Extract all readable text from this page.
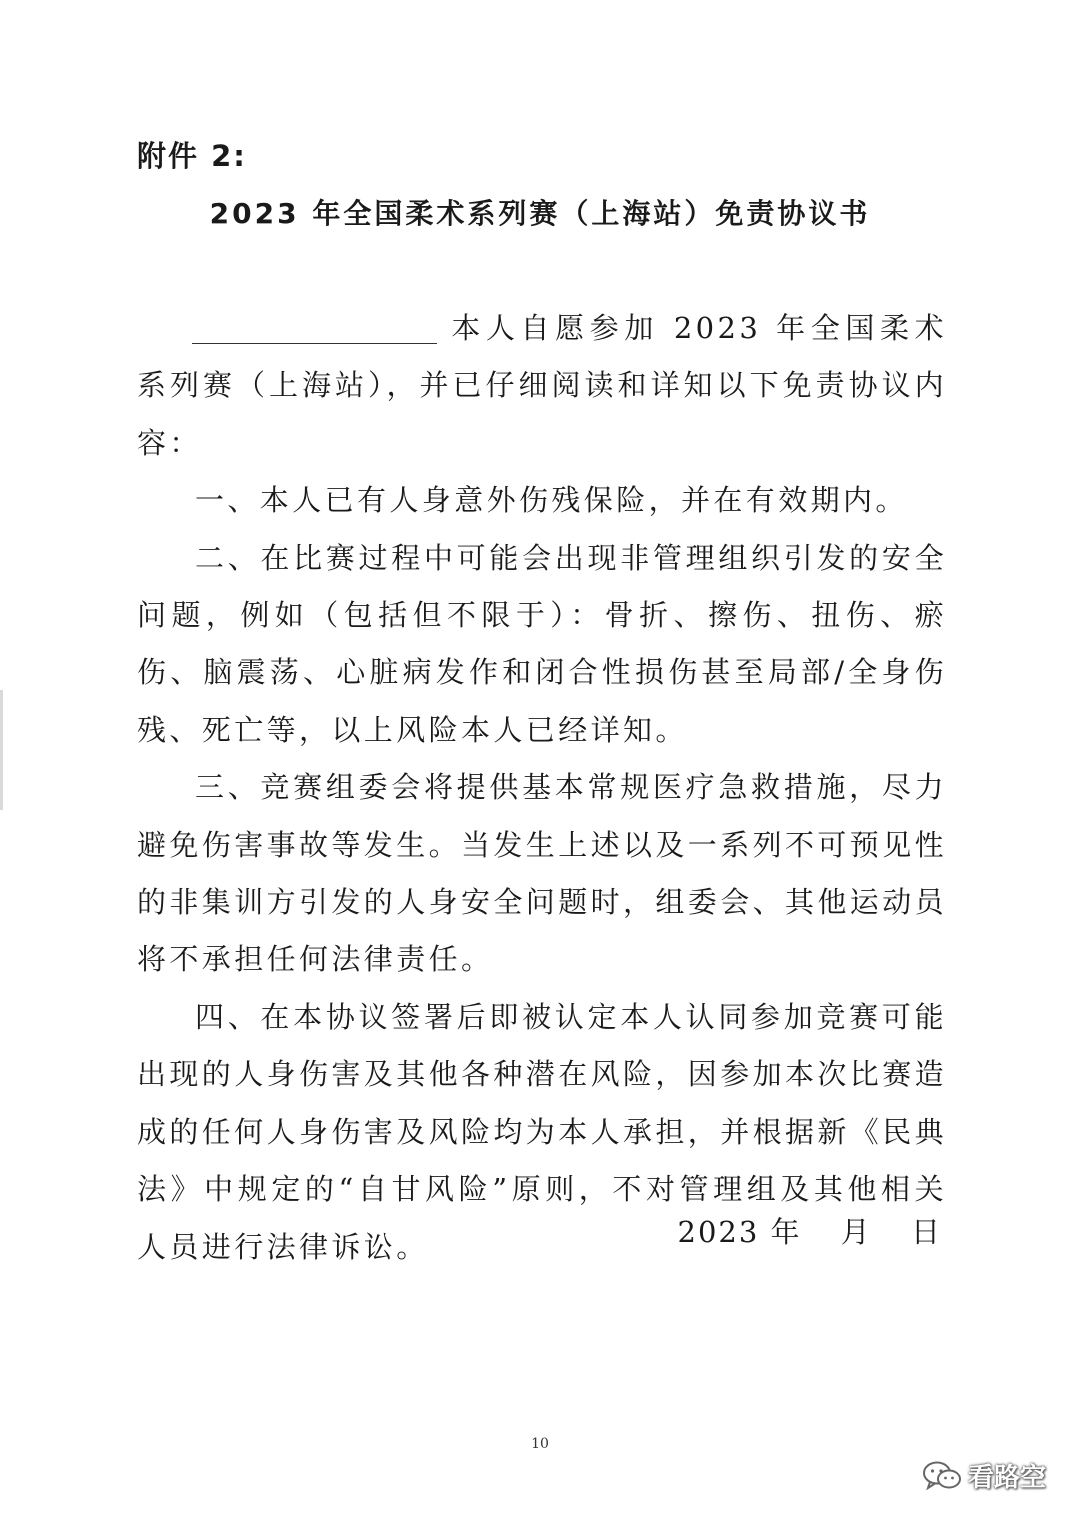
附件 2:
2023 年全国柔术系列赛（上海站）免责协议书

本人自愿参加 2023 年全国柔术系列赛（上海站），并已仔细阅读和详知以下免责协议内容：

一、本人已有人身意外伤残保险，并在有效期内。

二、在比赛过程中可能会出现非管理组织引发的安全问题，例如（包括但不限于）：骨折、擦伤、扭伤、瘀伤、脑震荡、心脏病发作和闭合性损伤甚至局部/全身伤残、死亡等，以上风险本人已经详知。

三、竞赛组委会将提供基本常规医疗急救措施，尽力避免伤害事故等发生。当发生上述以及一系列不可预见性的非集训方引发的人身安全问题时，组委会、其他运动员将不承担任何法律责任。

四、在本协议签署后即被认定本人认同参加竞赛可能出现的人身伤害及其他各种潜在风险，因参加本次比赛造成的任何人身伤害及风险均为本人承担，并根据新《民典法》中规定的“自甘风险”原则，不对管理组及其他相关人员进行法律诉讼。	2023 年 月 日
10
看路空
